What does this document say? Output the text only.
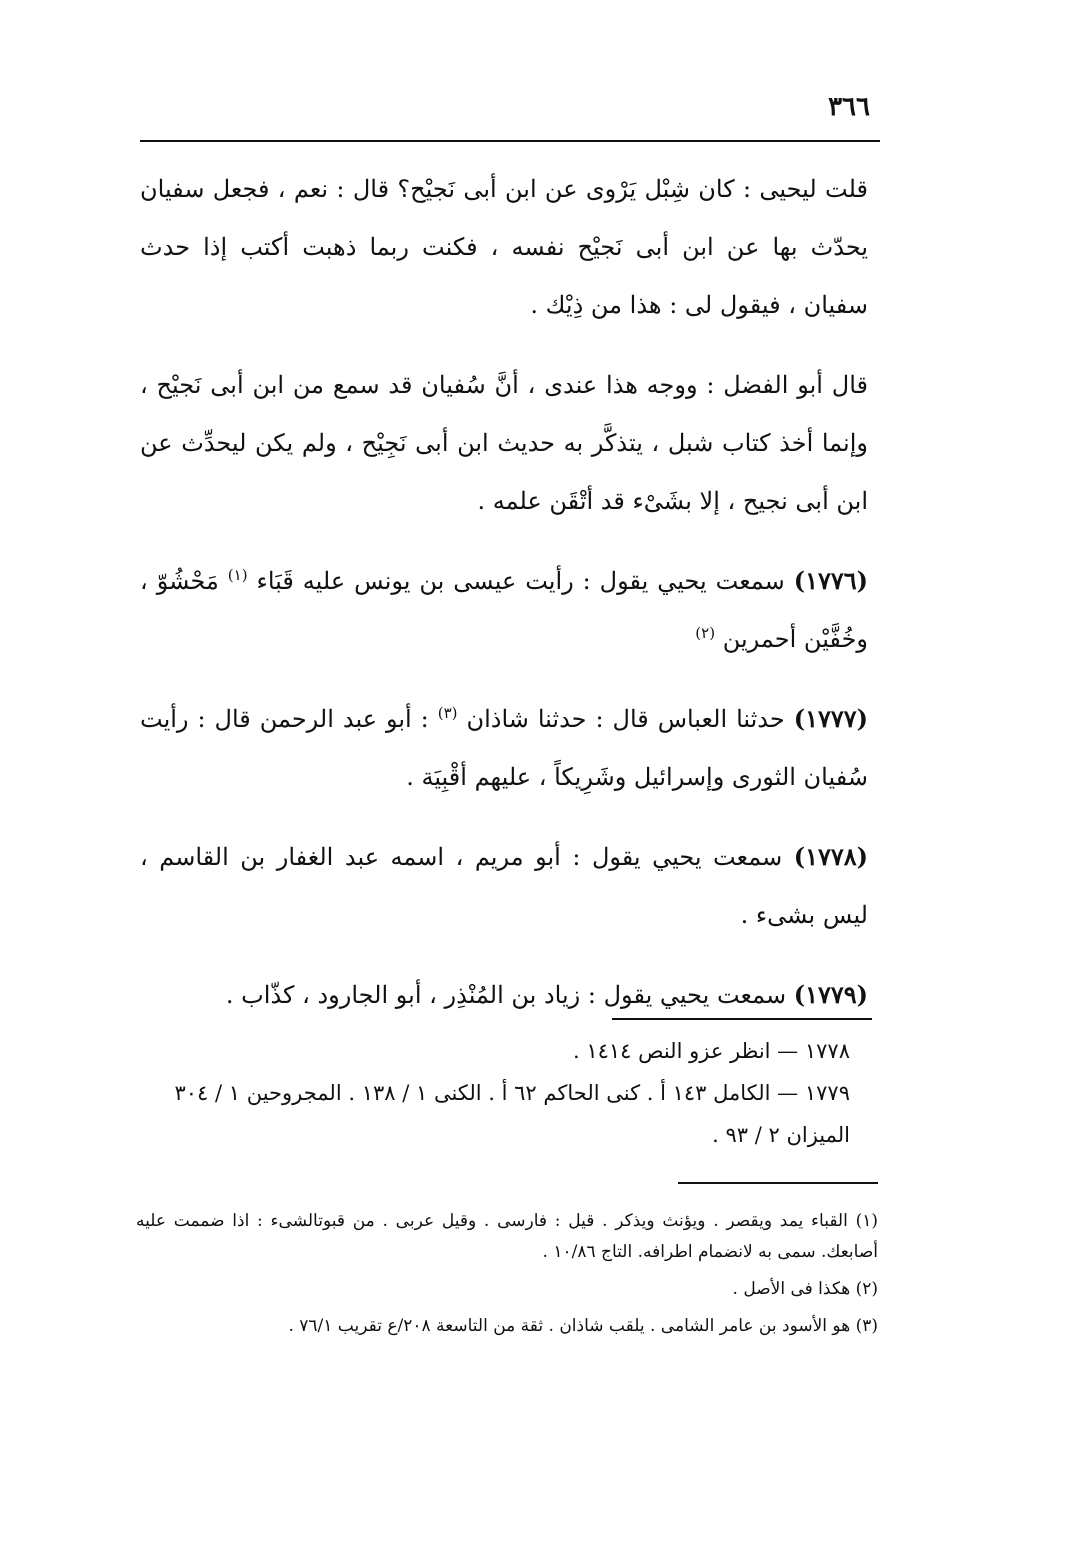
٣٦٦

قلت ليحيى : كان شِبْل يَرْوى عن ابن أبى نَجيْح؟ قال : نعم ، فجعل سفيان يحدّث بها عن ابن أبى نَجيْح نفسه ، فكنت ربما ذهبت أكتب إذا حدث سفيان ، فيقول لى : هذا من ذِيْك .

قال أبو الفضل : ووجه هذا عندى ، أنَّ سُفيان قد سمع من ابن أبى نَجيْح ، وإنما أخذ كتاب شبل ، يتذكَّر به حديث ابن أبى نَجِيْح ، ولم يكن ليحدِّث عن ابن أبى نجيح ، إلا بشَىْء قد أتْقَن علمه .

(١٧٧٦) سمعت يحيي يقول : رأيت عيسى بن يونس عليه قَبَاء $^{(١)}$ مَحْشُوّ ، وخُفَّيْن أحمرين $^{(٢)}$

(١٧٧٧) حدثنا العباس قال : حدثنا شاذان $^{(٣)}$ : أبو عبد الرحمن قال : رأيت سُفيان الثورى وإسرائيل وشَرِيكاً ، عليهم أقْبِيَة .

(١٧٧٨) سمعت يحيي يقول : أبو مريم ، اسمه عبد الغفار بن القاسم ، ليس بشىء .

(١٧٧٩) سمعت يحيي يقول : زياد بن المُنْذِر ، أبو الجارود ، كذّاب .

١٧٧٨ — انظر عزو النص ١٤١٤ .

١٧٧٩ — الكامل ١٤٣ أ . كنى الحاكم ٦٢ أ . الكنى ١ / ١٣٨ . المجروحين ١ / ٣٠٤ الميزان ٢ / ٩٣ .

(١) القباء يمد ويقصر . ويؤنث ويذكر . قيل : فارسى . وقيل عربى . من قبوتالشىء : اذا ضممت عليه أصابعك. سمى به لانضمام اطرافه. التاج ١٠/٨٦ .

(٢) هكذا فى الأصل .

(٣) هو الأسود بن عامر الشامى . يلقب شاذان . ثقة من التاسعة ٢٠٨/ع تقريب ٧٦/١ .
